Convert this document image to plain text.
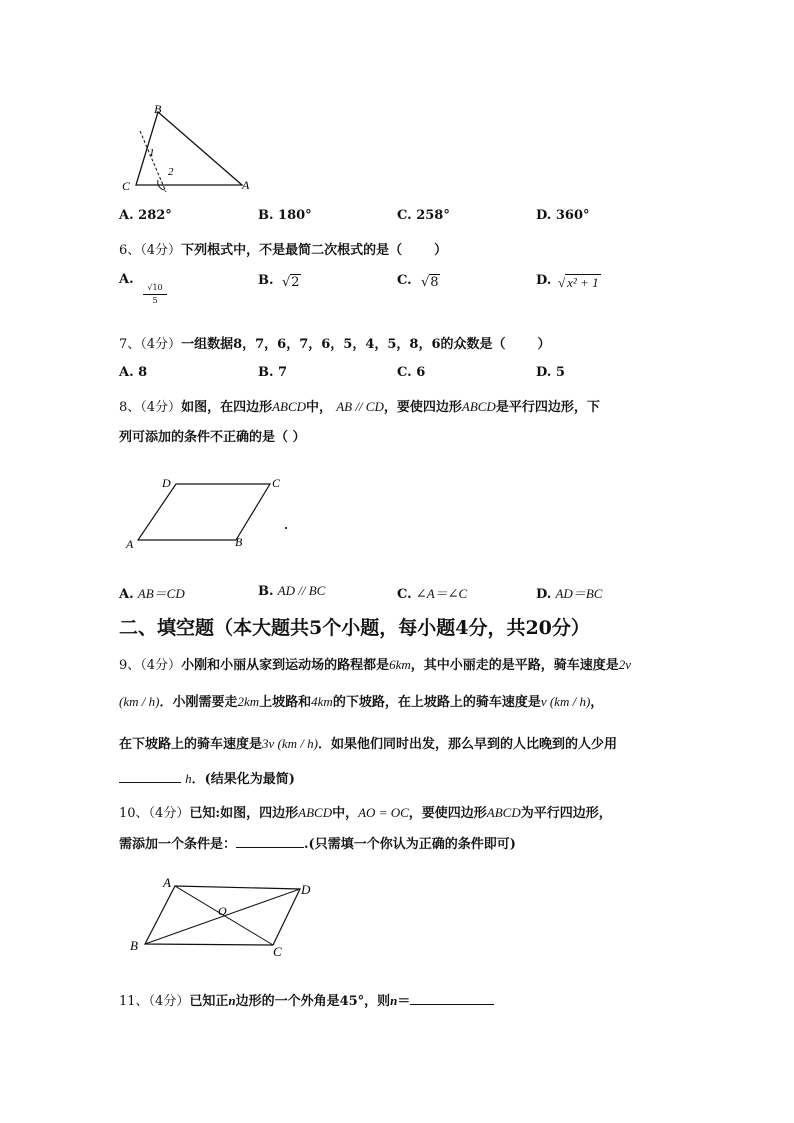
B
C	A
1
2
A. 282°	B. 180°	C. 258°	D. 360°
6、（4分）下列根式中，不是最简二次根式的是（ ）
A.
√10
5
B. √2	C. √8	D. √ x² + 1
7、（4分）一组数据8，7，6，7，6，5，4，5，8，6的众数是（ ）
A. 8	B. 7	C. 6	D. 5
8、（4分）如图，在四边形ABCD中， AB // CD，要使四边形ABCD是平行四边形，下
列可添加的条件不正确的是（ ）
D	C
A	B
A. AB＝CD	B. AD // BC	C. ∠A＝∠C	D. AD＝BC
二、填空题（本大题共5个小题，每小题4分，共20分）
9、（4分）小刚和小丽从家到运动场的路程都是6km，其中小丽走的是平路，骑车速度是2v
(km / h)．小刚需要走2km上坡路和4km的下坡路，在上坡路上的骑车速度是v (km / h)，
在下坡路上的骑车速度是3v (km / h)．如果他们同时出发，那么早到的人比晚到的人少用
h．(结果化为最简)
10、（4分）已知:如图，四边形ABCD中，AO = OC，要使四边形ABCD为平行四边形，
需添加一个条件是：	.(只需填一个你认为正确的条件即可)
A	D
O
B	C
11、（4分）已知正n边形的一个外角是45°，则n＝
